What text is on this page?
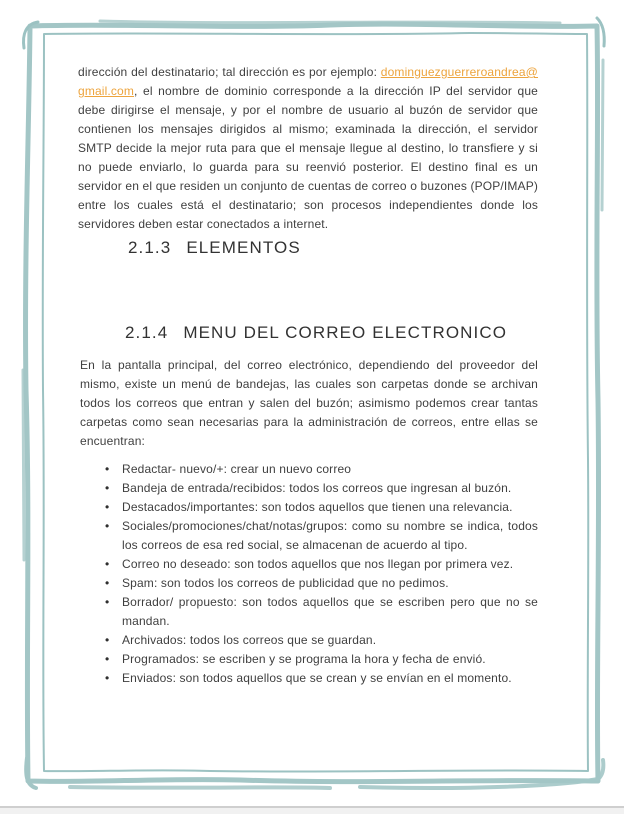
dirección del destinatario; tal dirección es por ejemplo: dominguezguerreroandrea@gmail.com, el nombre de dominio corresponde a la dirección IP del servidor que debe dirigirse el mensaje, y por el nombre de usuario al buzón de servidor que contienen los mensajes dirigidos al mismo; examinada la dirección, el servidor SMTP decide la mejor ruta para que el mensaje llegue al destino, lo transfiere y si no puede enviarlo, lo guarda para su reenvió posterior. El destino final es un servidor en el que residen un conjunto de cuentas de correo o buzones (POP/IMAP) entre los cuales está el destinatario; son procesos independientes donde los servidores deben estar conectados a internet.

2.1.3 ELEMENTOS
2.1.4 MENU DEL CORREO ELECTRONICO

En la pantalla principal, del correo electrónico, dependiendo del proveedor del mismo, existe un menú de bandejas, las cuales son carpetas donde se archivan todos los correos que entran y salen del buzón; asimismo podemos crear tantas carpetas como sean necesarias para la administración de correos, entre ellas se encuentran:

• Redactar- nuevo/+: crear un nuevo correo
• Bandeja de entrada/recibidos: todos los correos que ingresan al buzón.
• Destacados/importantes: son todos aquellos que tienen una relevancia.
• Sociales/promociones/chat/notas/grupos: como su nombre se indica, todos los correos de esa red social, se almacenan de acuerdo al tipo.
• Correo no deseado: son todos aquellos que nos llegan por primera vez.
• Spam: son todos los correos de publicidad que no pedimos.
• Borrador/ propuesto: son todos aquellos que se escriben pero que no se mandan.
• Archivados: todos los correos que se guardan.
• Programados: se escriben y se programa la hora y fecha de envió.
• Enviados: son todos aquellos que se crean y se envían en el momento.
